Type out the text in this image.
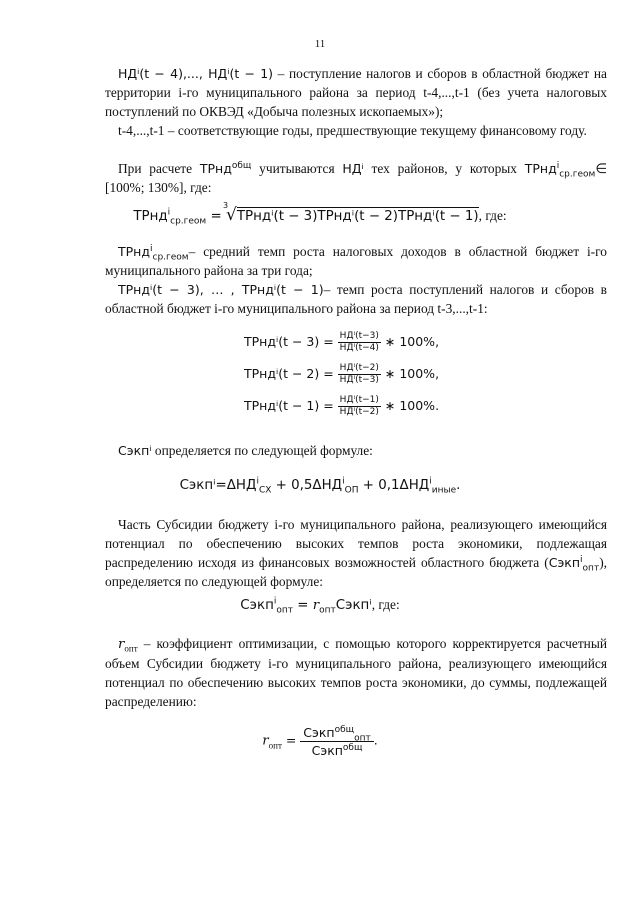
11
НДⁱ(t − 4),..., НДⁱ(t − 1) – поступление налогов и сборов в областной бюджет на территории i-го муниципального района за период t-4,...,t-1 (без учета налоговых поступлений по ОКВЭД «Добыча полезных ископаемых»);
t-4,...,t-1 – соответствующие годы, предшествующие текущему финансовому году.
При расчете ТРнд$^{общ}$ учитываются НДⁱ тех районов, у которых ТРнд$^i_{ср.геом}$∈ [100%; 130%], где:
ТРнд$^i_{ср.геом}$ =
3
√ТРндⁱ(t − 3)ТРндⁱ(t − 2)ТРндⁱ(t − 1), где:
ТРнд$^i_{ср.геом}$– средний темп роста налоговых доходов в областной бюджет i-го муниципального района за три года;
ТРндⁱ(t − 3), … , ТРндⁱ(t − 1)– темп роста поступлений налогов и сборов в областной бюджет i-го муниципального района за период t-3,...,t-1:
ТРндⁱ(t − $3) = \frac{\text{НДⁱ(t−3)}}{\text{НДⁱ(t−4)}}$ ∗ 100%,
ТРндⁱ(t − $2) = \frac{\text{НДⁱ(t−2)}}{\text{НДⁱ(t−3)}}$ ∗ 100%,
ТРндⁱ(t − $1) = \frac{\text{НДⁱ(t−1)}}{\text{НДⁱ(t−2)}}$ ∗ 100%.
Сэкпⁱ определяется по следующей формуле:
$Сэкп^i=\Delta НД^i_{СХ} + 0,5\Delta НД^i_{ОП} + 0,1\Delta НД^i_{иные}$.
Часть Субсидии бюджету i-го муниципального района, реализующего имеющийся потенциал по обеспечению высоких темпов роста экономики, подлежащая распределению исходя из финансовых возможностей областного бюджета (Сэкп$^i_{опт}$), определяется по следующей формуле:
Сэкп$^i_{опт}$ = $r_{опт}Сэкп^i$, где:
$r_{опт}$ – коэффициент оптимизации, с помощью которого корректируется расчетный объем Субсидии бюджету i-го муниципального района, реализующего имеющийся потенциал по обеспечению высоких темпов роста экономики, до суммы, подлежащей распределению:
$r_{опт} = \frac{Сэкп^{общ}_{опт}}{Сэкп^{общ}}$ .
